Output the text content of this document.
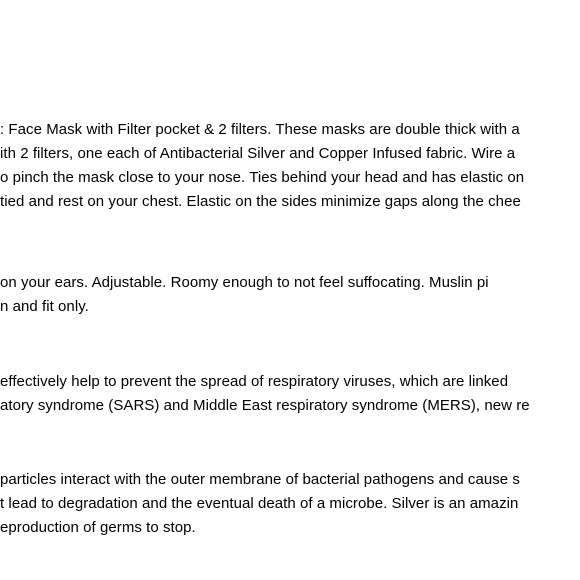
: Face Mask with Filter pocket & 2 filters. These masks are double thick with a
ith 2 filters, one each of Antibacterial Silver and Copper Infused fabric. Wire a
o pinch the mask close to your nose. Ties behind your head and has elastic on
tied and rest on your chest. Elastic on the sides minimize gaps along the chee
on your ears. Adjustable. Roomy enough to not feel suffocating. Muslin pi
n and fit only.
effectively help to prevent the spread of respiratory viruses, which are linked
atory syndrome (SARS) and Middle East respiratory syndrome (MERS), new re
particles interact with the outer membrane of bacterial pathogens and cause s
t lead to degradation and the eventual death of a microbe. Silver is an amazin
eproduction of germs to stop.
